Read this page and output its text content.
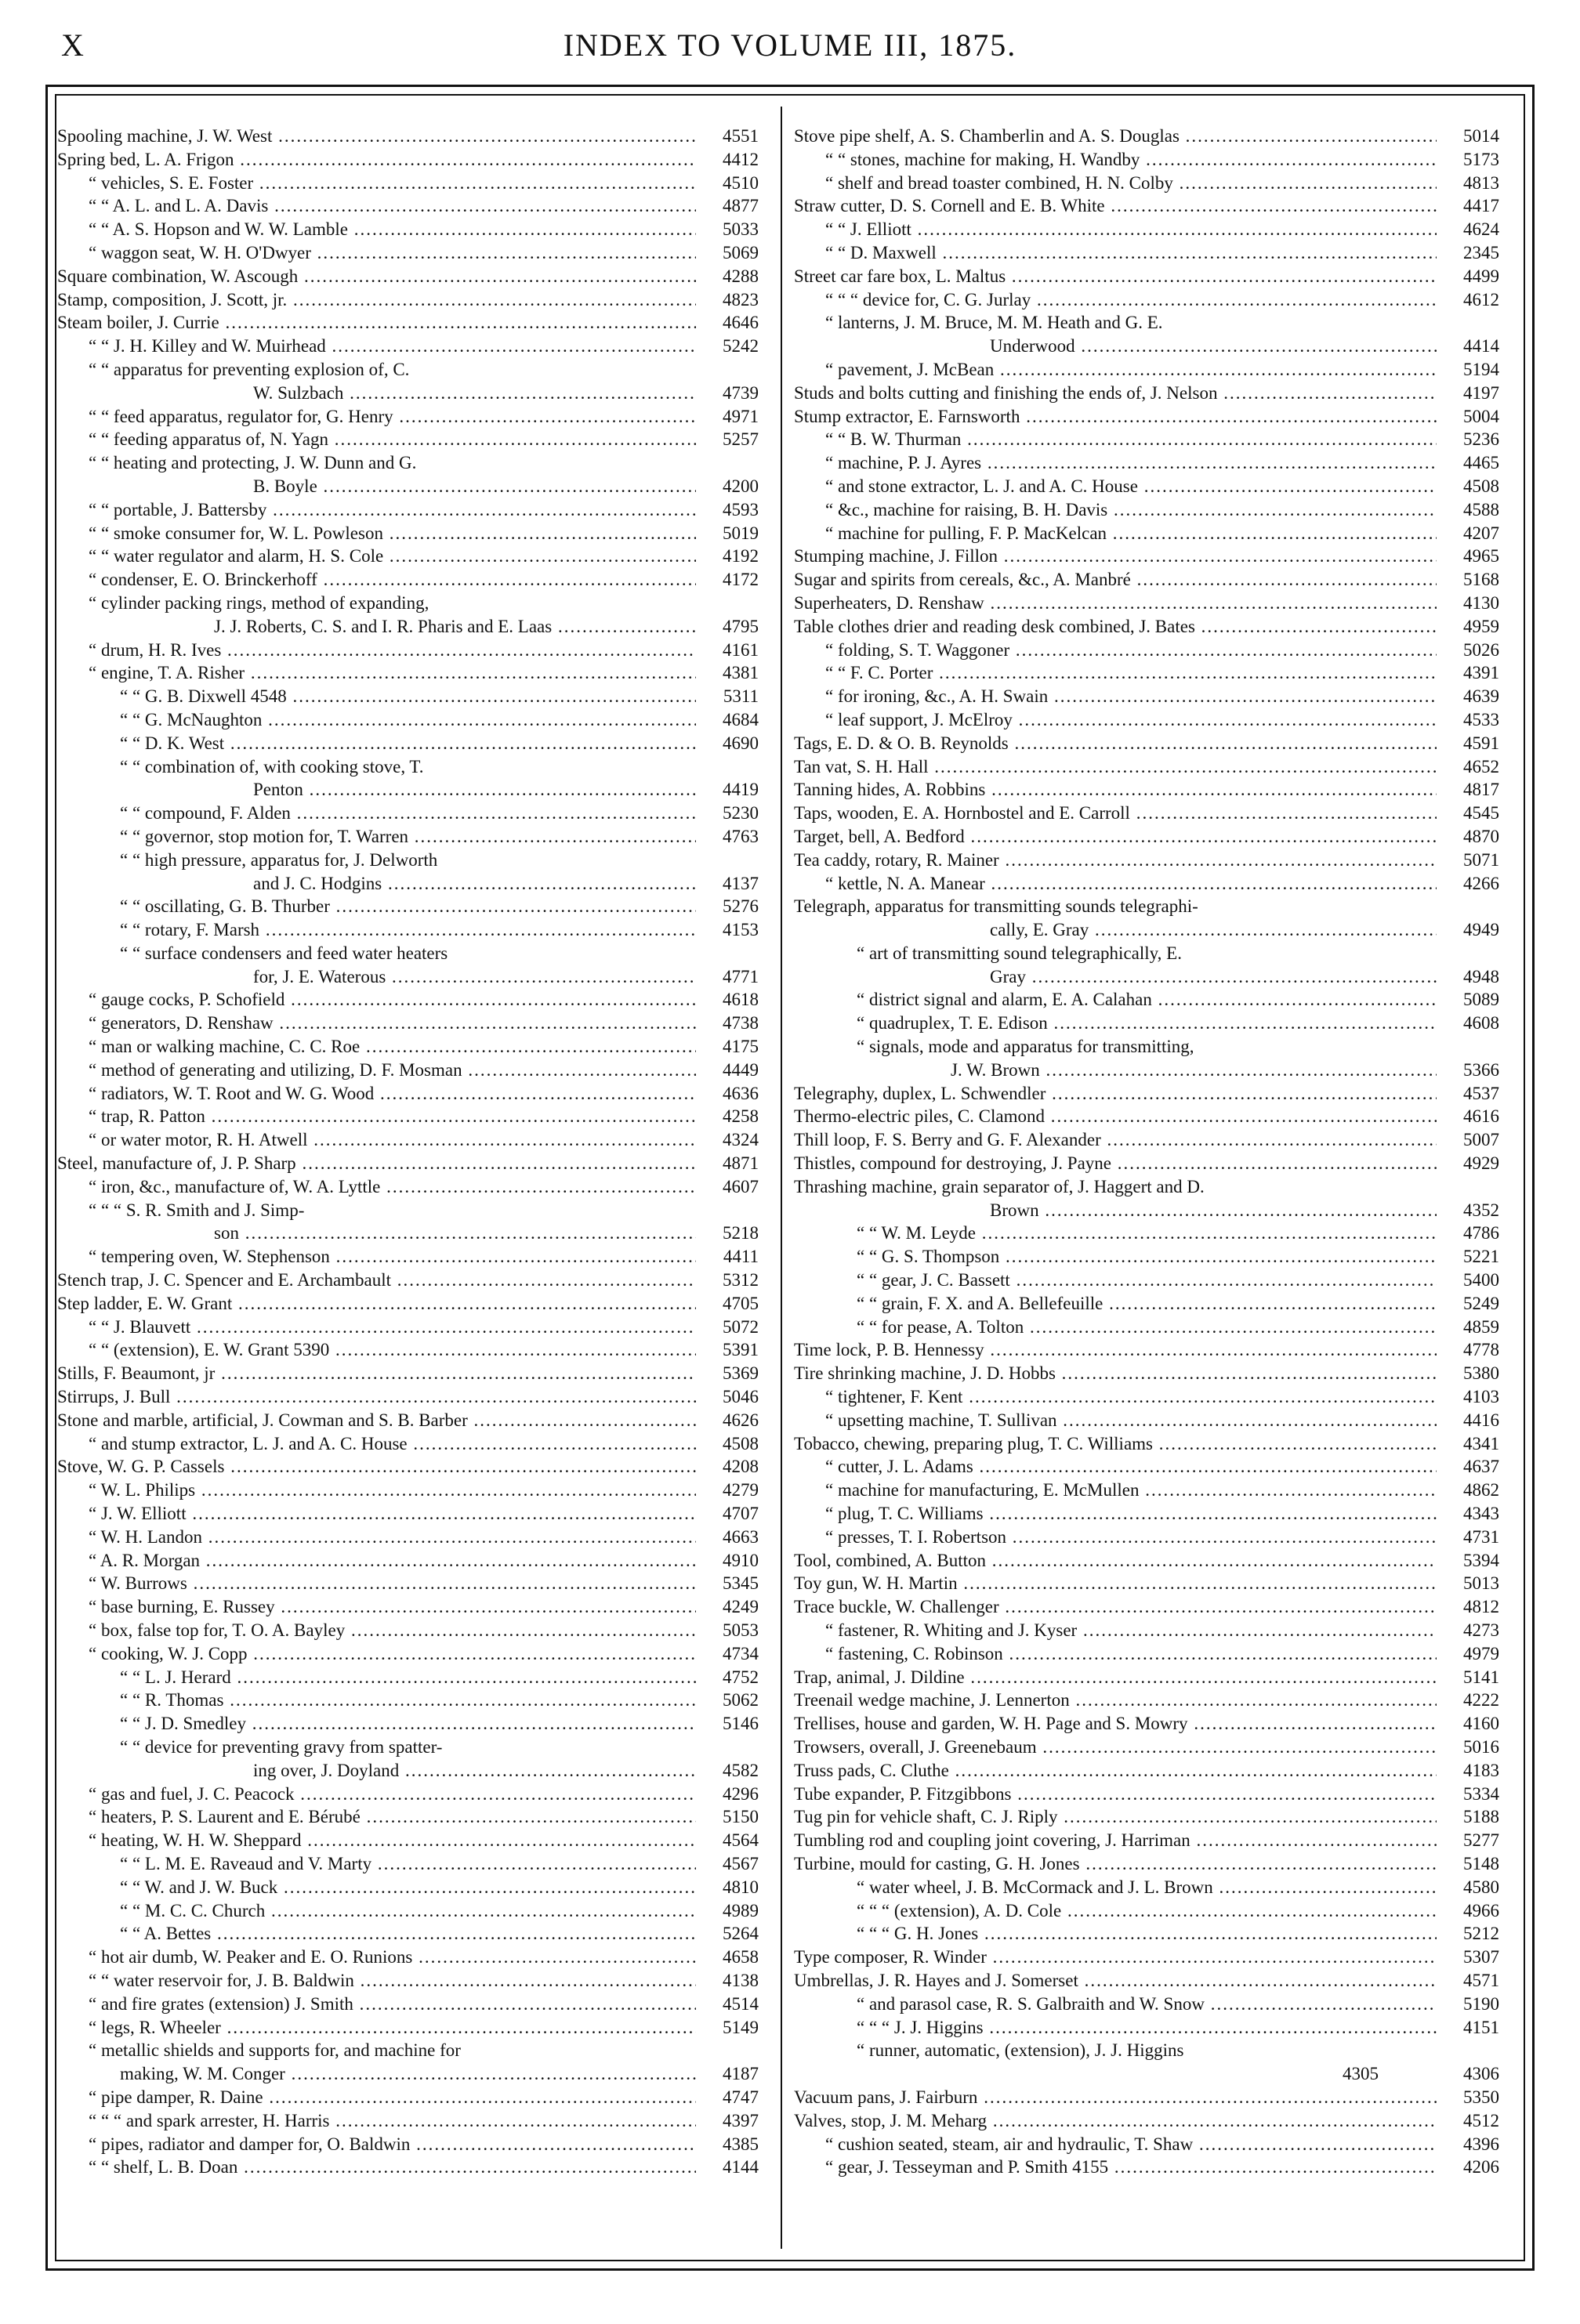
X	INDEX TO VOLUME III, 1875.
Spooling machine, J. W. West .....	4551
Spring bed, L. A. Frigon .....	4412
“ vehicles, S. E. Foster .....	4510
“ “ A. L. and L. A. Davis .....	4877
“ “ A. S. Hopson and W. W. Lamble .....	5033
“ waggon seat, W. H. O'Dwyer .....	5069
Square combination, W. Ascough .....	4288
Stamp, composition, J. Scott, jr. .....	4823
Steam boiler, J. Currie .....	4646
“ “ J. H. Killey and W. Muirhead .....	5242
“ “ apparatus for preventing explosion of, C.
W. Sulzbach .....	4739
“ “ feed apparatus, regulator for, G. Henry .....	4971
“ “ feeding apparatus of, N. Yagn .....	5257
“ “ heating and protecting, J. W. Dunn and G.
B. Boyle .....	4200
“ “ portable, J. Battersby .....	4593
“ “ smoke consumer for, W. L. Powleson .....	5019
“ “ water regulator and alarm, H. S. Cole .....	4192
“ condenser, E. O. Brinckerhoff .....	4172
“ cylinder packing rings, method of expanding,
J. J. Roberts, C. S. and I. R. Pharis and E. Laas .....	4795
“ drum, H. R. Ives .....	4161
“ engine, T. A. Risher .....	4381
“ “ G. B. Dixwell 4548 .....	5311
“ “ G. McNaughton .....	4684
“ “ D. K. West .....	4690
“ “ combination of, with cooking stove, T.
Penton .....	4419
“ “ compound, F. Alden .....	5230
“ “ governor, stop motion for, T. Warren .....	4763
“ “ high pressure, apparatus for, J. Delworth
and J. C. Hodgins .....	4137
“ “ oscillating, G. B. Thurber .....	5276
“ “ rotary, F. Marsh .....	4153
“ “ surface condensers and feed water heaters
for, J. E. Waterous .....	4771
“ gauge cocks, P. Schofield .....	4618
“ generators, D. Renshaw .....	4738
“ man or walking machine, C. C. Roe .....	4175
“ method of generating and utilizing, D. F. Mosman .....	4449
“ radiators, W. T. Root and W. G. Wood .....	4636
“ trap, R. Patton .....	4258
“ or water motor, R. H. Atwell .....	4324
Steel, manufacture of, J. P. Sharp .....	4871
“ iron, &c., manufacture of, W. A. Lyttle .....	4607
“ “ “ S. R. Smith and J. Simp-
son .....	5218
“ tempering oven, W. Stephenson .....	4411
Stench trap, J. C. Spencer and E. Archambault .....	5312
Step ladder, E. W. Grant .....	4705
“ “ J. Blauvett .....	5072
“ “ (extension), E. W. Grant 5390 .....	5391
Stills, F. Beaumont, jr .....	5369
Stirrups, J. Bull .....	5046
Stone and marble, artificial, J. Cowman and S. B. Barber .....	4626
“ and stump extractor, L. J. and A. C. House .....	4508
Stove, W. G. P. Cassels .....	4208
“ W. L. Philips .....	4279
“ J. W. Elliott .....	4707
“ W. H. Landon .....	4663
“ A. R. Morgan .....	4910
“ W. Burrows .....	5345
“ base burning, E. Russey .....	4249
“ box, false top for, T. O. A. Bayley .....	5053
“ cooking, W. J. Copp .....	4734
“ “ L. J. Herard .....	4752
“ “ R. Thomas .....	5062
“ “ J. D. Smedley .....	5146
“ “ device for preventing gravy from spatter-
ing over, J. Doyland .....	4582
“ gas and fuel, J. C. Peacock .....	4296
“ heaters, P. S. Laurent and E. Bérubé .....	5150
“ heating, W. H. W. Sheppard .....	4564
“ “ L. M. E. Raveaud and V. Marty .....	4567
“ “ W. and J. W. Buck .....	4810
“ “ M. C. C. Church .....	4989
“ “ A. Bettes .....	5264
“ hot air dumb, W. Peaker and E. O. Runions .....	4658
“ “ water reservoir for, J. B. Baldwin .....	4138
“ and fire grates (extension) J. Smith .....	4514
“ legs, R. Wheeler .....	5149
“ metallic shields and supports for, and machine for
making, W. M. Conger .....	4187
“ pipe damper, R. Daine .....	4747
“ “ “ and spark arrester, H. Harris .....	4397
“ pipes, radiator and damper for, O. Baldwin .....	4385
“ “ shelf, L. B. Doan .....	4144
Stove pipe shelf, A. S. Chamberlin and A. S. Douglas .....	5014
“ “ stones, machine for making, H. Wandby .....	5173
“ shelf and bread toaster combined, H. N. Colby .....	4813
Straw cutter, D. S. Cornell and E. B. White .....	4417
“ “ J. Elliott .....	4624
“ “ D. Maxwell .....	2345
Street car fare box, L. Maltus .....	4499
“ “ “ device for, C. G. Jurlay .....	4612
“ lanterns, J. M. Bruce, M. M. Heath and G. E.
Underwood .....	4414
“ pavement, J. McBean .....	5194
Studs and bolts cutting and finishing the ends of, J. Nelson .....	4197
Stump extractor, E. Farnsworth .....	5004
“ “ B. W. Thurman .....	5236
“ machine, P. J. Ayres .....	4465
“ and stone extractor, L. J. and A. C. House .....	4508
“ &c., machine for raising, B. H. Davis .....	4588
“ machine for pulling, F. P. MacKelcan .....	4207
Stumping machine, J. Fillon .....	4965
Sugar and spirits from cereals, &c., A. Manbré .....	5168
Superheaters, D. Renshaw .....	4130
Table clothes drier and reading desk combined, J. Bates .....	4959
“ folding, S. T. Waggoner .....	5026
“ “ F. C. Porter .....	4391
“ for ironing, &c., A. H. Swain .....	4639
“ leaf support, J. McElroy .....	4533
Tags, E. D. & O. B. Reynolds .....	4591
Tan vat, S. H. Hall .....	4652
Tanning hides, A. Robbins .....	4817
Taps, wooden, E. A. Hornbostel and E. Carroll .....	4545
Target, bell, A. Bedford .....	4870
Tea caddy, rotary, R. Mainer .....	5071
“ kettle, N. A. Manear .....	4266
Telegraph, apparatus for transmitting sounds telegraphi-
cally, E. Gray .....	4949
“ art of transmitting sound telegraphically, E.
Gray .....	4948
“ district signal and alarm, E. A. Calahan .....	5089
“ quadruplex, T. E. Edison .....	4608
“ signals, mode and apparatus for transmitting,
J. W. Brown .....	5366
Telegraphy, duplex, L. Schwendler .....	4537
Thermo-electric piles, C. Clamond .....	4616
Thill loop, F. S. Berry and G. F. Alexander .....	5007
Thistles, compound for destroying, J. Payne .....	4929
Thrashing machine, grain separator of, J. Haggert and D.
Brown .....	4352
“ “ W. M. Leyde .....	4786
“ “ G. S. Thompson .....	5221
“ “ gear, J. C. Bassett .....	5400
“ “ grain, F. X. and A. Bellefeuille .....	5249
“ “ for pease, A. Tolton .....	4859
Time lock, P. B. Hennessy .....	4778
Tire shrinking machine, J. D. Hobbs .....	5380
“ tightener, F. Kent .....	4103
“ upsetting machine, T. Sullivan .....	4416
Tobacco, chewing, preparing plug, T. C. Williams .....	4341
“ cutter, J. L. Adams .....	4637
“ machine for manufacturing, E. McMullen .....	4862
“ plug, T. C. Williams .....	4343
“ presses, T. I. Robertson .....	4731
Tool, combined, A. Button .....	5394
Toy gun, W. H. Martin .....	5013
Trace buckle, W. Challenger .....	4812
“ fastener, R. Whiting and J. Kyser .....	4273
“ fastening, C. Robinson .....	4979
Trap, animal, J. Dildine .....	5141
Treenail wedge machine, J. Lennerton .....	4222
Trellises, house and garden, W. H. Page and S. Mowry .....	4160
Trowsers, overall, J. Greenebaum .....	5016
Truss pads, C. Cluthe .....	4183
Tube expander, P. Fitzgibbons .....	5334
Tug pin for vehicle shaft, C. J. Riply .....	5188
Tumbling rod and coupling joint covering, J. Harriman .....	5277
Turbine, mould for casting, G. H. Jones .....	5148
“ water wheel, J. B. McCormack and J. L. Brown .....	4580
“ “ “ (extension), A. D. Cole .....	4966
“ “ “ G. H. Jones .....	5212
Type composer, R. Winder .....	5307
Umbrellas, J. R. Hayes and J. Somerset .....	4571
“ and parasol case, R. S. Galbraith and W. Snow .....	5190
“ “ “ J. J. Higgins .....	4151
“ runner, automatic, (extension), J. J. Higgins
4305	4306
Vacuum pans, J. Fairburn .....	5350
Valves, stop, J. M. Meharg .....	4512
“ cushion seated, steam, air and hydraulic, T. Shaw .....	4396
“ gear, J. Tesseyman and P. Smith 4155 .....	4206
